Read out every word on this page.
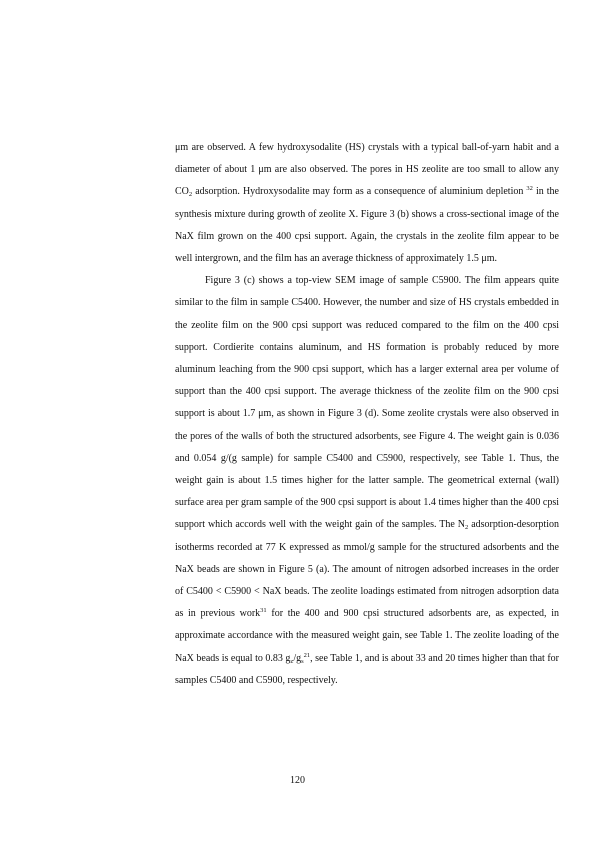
μm are observed. A few hydroxysodalite (HS) crystals with a typical ball-of-yarn habit and a diameter of about 1 μm are also observed. The pores in HS zeolite are too small to allow any $CO_2$ adsorption. Hydroxysodalite may form as a consequence of aluminium depletion $^{32}$ in the synthesis mixture during growth of zeolite X. Figure 3 (b) shows a cross-sectional image of the NaX film grown on the 400 cpsi support. Again, the crystals in the zeolite film appear to be well intergrown, and the film has an average thickness of approximately 1.5 μm.

Figure 3 (c) shows a top-view SEM image of sample C5900. The film appears quite similar to the film in sample C5400. However, the number and size of HS crystals embedded in the zeolite film on the 900 cpsi support was reduced compared to the film on the 400 cpsi support. Cordierite contains aluminum, and HS formation is probably reduced by more aluminum leaching from the 900 cpsi support, which has a larger external area per volume of support than the 400 cpsi support. The average thickness of the zeolite film on the 900 cpsi support is about 1.7 μm, as shown in Figure 3 (d). Some zeolite crystals were also observed in the pores of the walls of both the structured adsorbents, see Figure 4. The weight gain is 0.036 and 0.054 g/(g sample) for sample C5400 and C5900, respectively, see Table 1. Thus, the weight gain is about 1.5 times higher for the latter sample. The geometrical external (wall) surface area per gram sample of the 900 cpsi support is about 1.4 times higher than the 400 cpsi support which accords well with the weight gain of the samples. The $N_2$ adsorption-desorption isotherms recorded at 77 K expressed as mmol/g sample for the structured adsorbents and the NaX beads are shown in Figure 5 (a). The amount of nitrogen adsorbed increases in the order of C5400 < C5900 < NaX beads. The zeolite loadings estimated from nitrogen adsorption data as in previous work$^{31}$ for the 400 and 900 cpsi structured adsorbents are, as expected, in approximate accordance with the measured weight gain, see Table 1. The zeolite loading of the NaX beads is equal to 0.83 $g_z/g_s^{21}$, see Table 1, and is about 33 and 20 times higher than that for samples C5400 and C5900, respectively.

120
